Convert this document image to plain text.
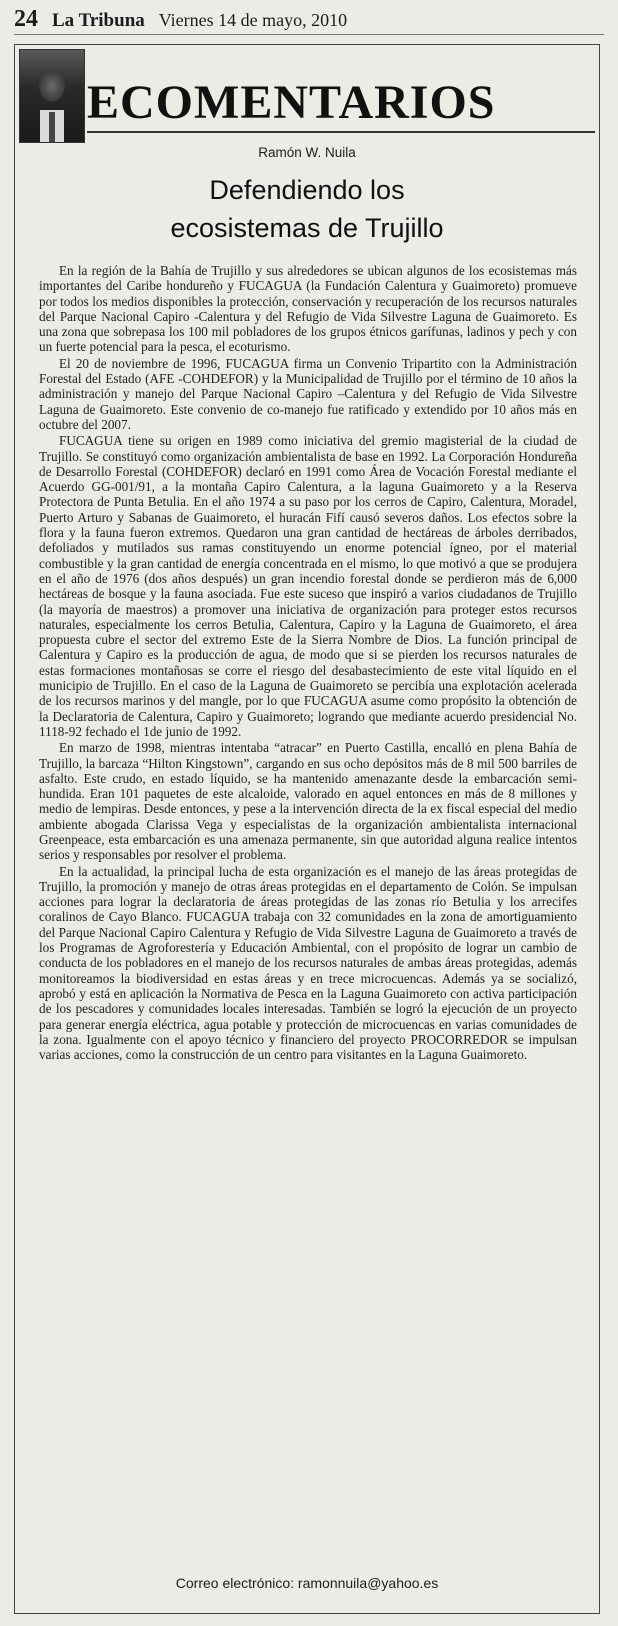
24 La Tribuna Viernes 14 de mayo, 2010
ECOMENTARIOS
Ramón W. Nuila
Defendiendo los
ecosistemas de Trujillo

En la región de la Bahía de Trujillo y sus alrededores se ubican algunos de los ecosistemas más importantes del Caribe hondureño y FUCAGUA (la Fundación Calentura y Guaimoreto) promueve por todos los medios disponibles la protección, conservación y recuperación de los recursos naturales del Parque Nacional Capiro -Calentura y del Refugio de Vida Silvestre Laguna de Guaimoreto. Es una zona que sobrepasa los 100 mil pobladores de los grupos étnicos garífunas, ladinos y pech y con un fuerte potencial para la pesca, el ecoturismo.

El 20 de noviembre de 1996, FUCAGUA firma un Convenio Tripartito con la Administración Forestal del Estado (AFE -COHDEFOR) y la Municipalidad de Trujillo por el término de 10 años la administración y manejo del Parque Nacional Capiro –Calentura y del Refugio de Vida Silvestre Laguna de Guaimoreto. Este convenio de co-manejo fue ratificado y extendido por 10 años más en octubre del 2007.

FUCAGUA tiene su origen en 1989 como iniciativa del gremio magisterial de la ciudad de Trujillo. Se constituyó como organización ambientalista de base en 1992. La Corporación Hondureña de Desarrollo Forestal (COHDEFOR) declaró en 1991 como Área de Vocación Forestal mediante el Acuerdo GG-001/91, a la montaña Capiro Calentura, a la laguna Guaimoreto y a la Reserva Protectora de Punta Betulia. En el año 1974 a su paso por los cerros de Capiro, Calentura, Moradel, Puerto Arturo y Sabanas de Guaimoreto, el huracán Fifí causó severos daños. Los efectos sobre la flora y la fauna fueron extremos. Quedaron una gran cantidad de hectáreas de árboles derribados, defoliados y mutilados sus ramas constituyendo un enorme potencial ígneo, por el material combustible y la gran cantidad de energía concentrada en el mismo, lo que motivó a que se produjera en el año de 1976 (dos años después) un gran incendio forestal donde se perdieron más de 6,000 hectáreas de bosque y la fauna asociada. Fue este suceso que inspiró a varios ciudadanos de Trujillo (la mayoría de maestros) a promover una iniciativa de organización para proteger estos recursos naturales, especialmente los cerros Betulia, Calentura, Capiro y la Laguna de Guaimoreto, el área propuesta cubre el sector del extremo Este de la Sierra Nombre de Dios. La función principal de Calentura y Capiro es la producción de agua, de modo que si se pierden los recursos naturales de estas formaciones montañosas se corre el riesgo del desabastecimiento de este vital líquido en el municipio de Trujillo. En el caso de la Laguna de Guaimoreto se percibía una explotación acelerada de los recursos marinos y del mangle, por lo que FUCAGUA asume como propósito la obtención de la Declaratoria de Calentura, Capiro y Guaimoreto; logrando que mediante acuerdo presidencial No. 1118-92 fechado el 1de junio de 1992.

En marzo de 1998, mientras intentaba “atracar” en Puerto Castilla, encalló en plena Bahía de Trujillo, la barcaza “Hilton Kingstown”, cargando en sus ocho depósitos más de 8 mil 500 barriles de asfalto. Este crudo, en estado líquido, se ha mantenido amenazante desde la embarcación semi-hundida. Eran 101 paquetes de este alcaloide, valorado en aquel entonces en más de 8 millones y medio de lempiras. Desde entonces, y pese a la intervención directa de la ex fiscal especial del medio ambiente abogada Clarissa Vega y especialistas de la organización ambientalista internacional Greenpeace, esta embarcación es una amenaza permanente, sin que autoridad alguna realice intentos serios y responsables por resolver el problema.

En la actualidad, la principal lucha de esta organización es el manejo de las áreas protegidas de Trujillo, la promoción y manejo de otras áreas protegidas en el departamento de Colón. Se impulsan acciones para lograr la declaratoria de áreas protegidas de las zonas río Betulia y los arrecifes coralinos de Cayo Blanco. FUCAGUA trabaja con 32 comunidades en la zona de amortiguamiento del Parque Nacional Capiro Calentura y Refugio de Vida Silvestre Laguna de Guaimoreto a través de los Programas de Agroforestería y Educación Ambiental, con el propósito de lograr un cambio de conducta de los pobladores en el manejo de los recursos naturales de ambas áreas protegidas, además monitoreamos la biodiversidad en estas áreas y en trece microcuencas. Además ya se socializó, aprobó y está en aplicación la Normativa de Pesca en la Laguna Guaimoreto con activa participación de los pescadores y comunidades locales interesadas. También se logró la ejecución de un proyecto para generar energía eléctrica, agua potable y protección de microcuencas en varias comunidades de la zona. Igualmente con el apoyo técnico y financiero del proyecto PROCORREDOR se impulsan varias acciones, como la construcción de un centro para visitantes en la Laguna Guaimoreto.

Correo electrónico: ramonnuila@yahoo.es
